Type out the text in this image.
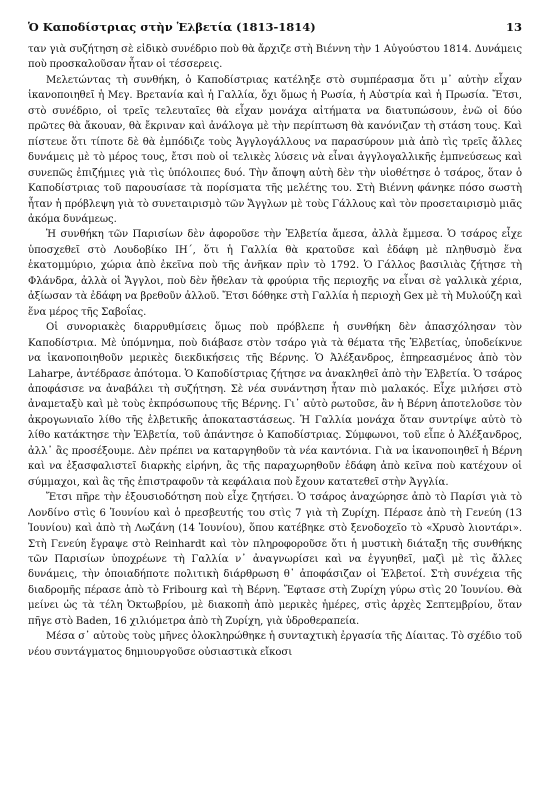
Ὁ Καποδίστριας στὴν Ἑλβετία (1813-1814)	13

ταν γιὰ συζήτηση σὲ εἰδικὸ συνέδριο ποὺ θὰ ἄρχιζε στὴ Βιέννη τὴν 1 Αὐγούστου 1814. Δυνάμεις ποὺ προσκαλοῦσαν ἦταν οἱ τέσσερεις.

Μελετώντας τὴ συνθήκη, ὁ Καποδίστριας κατέληξε στὸ συμπέρασμα ὅτι μ᾽ αὐτὴν εἶχαν ἱκανοποιηθεῖ ἡ Μεγ. Βρετανία καὶ ἡ Γαλλία, ὄχι ὅμως ἡ Ρωσία, ἡ Αὐστρία καὶ ἡ Πρωσία. Ἔτσι, στὸ συνέδριο, οἱ τρεῖς τελευταῖες θὰ εἶχαν μονάχα αἰτήματα να διατυπώσουν, ἐνῶ οἱ δύο πρῶτες θὰ ἄκουαν, θὰ ἔκριναν καὶ ἀνάλογα μὲ τὴν περίπτωση θὰ κανόνιζαν τὴ στάση τους. Καὶ πίστευε ὅτι τίποτε δὲ θὰ ἐμπόδιζε τοὺς Ἀγγλογάλλους να παρασύρουν μιὰ ἀπὸ τὶς τρεῖς ἄλλες δυνάμεις μὲ τὸ μέρος τους, ἔτσι ποὺ οἱ τελικὲς λύσεις νὰ εἶναι ἀγγλογαλλικῆς ἐμπνεύσεως καὶ συνεπῶς ἐπιζήμιες γιὰ τὶς ὑπόλοιπες δυό. Τὴν ἄποψη αὐτὴ δὲν τὴν υἱοθέτησε ὁ τσάρος, ὅταν ὁ Καποδίστριας τοῦ παρουσίασε τὰ πορίσματα τῆς μελέτης του. Στὴ Βιέννη φάνηκε πόσο σωστὴ ἦταν ἡ πρόβλεψη γιὰ τὸ συνεταιρισμὸ τῶν Ἄγγλων μὲ τοὺς Γάλλους καὶ τὸν προσεταιρισμὸ μιᾶς ἀκόμα δυνάμεως.

Ἡ συνθήκη τῶν Παρισίων δὲν ἀφοροῦσε τὴν Ἑλβετία ἄμεσα, ἀλλὰ ἔμμεσα. Ὁ τσάρος εἶχε ὑποσχεθεῖ στὸ Λουδοβίκο ΙΗ΄, ὅτι ἡ Γαλλία θὰ κρατοῦσε καὶ ἐδάφη μὲ πληθυσμὸ ἕνα ἑκατομμύριο, χώρια ἀπὸ ἐκεῖνα ποὺ τῆς ἀνῆκαν πρὶν τὸ 1792. Ὁ Γάλλος βασιλιὰς ζήτησε τὴ Φλάνδρα, ἀλλὰ οἱ Ἄγγλοι, ποὺ δὲν ἤθελαν τὰ φρούρια τῆς περιοχῆς να εἶναι σὲ γαλλικὰ χέρια, ἀξίωσαν τὰ ἐδάφη να βρεθοῦν ἀλλοῦ. Ἔτσι δόθηκε στὴ Γαλλία ἡ περιοχὴ Gex μὲ τὴ Μυλούζη καὶ ἕνα μέρος τῆς Σαβοΐας.

Οἱ συνοριακὲς διαρρυθμίσεις ὅμως ποὺ πρόβλεπε ἡ συνθήκη δὲν ἀπασχόλησαν τὸν Καποδίστρια. Μὲ ὑπόμνημα, ποὺ διάβασε στὸν τσάρο γιὰ τὰ θέματα τῆς Ἑλβετίας, ὑποδείκνυε να ἱκανοποιηθοῦν μερικὲς διεκδικήσεις τῆς Βέρνης. Ὁ Ἀλέξανδρος, ἐπηρεασμένος ἀπὸ τὸν Laharpe, ἀντέδρασε ἀπότομα. Ὁ Καποδίστριας ζήτησε να ἀνακληθεῖ ἀπὸ τὴν Ἑλβετία. Ὁ τσάρος ἀποφάσισε να ἀναβάλει τὴ συζήτηση. Σὲ νέα συνάντηση ἦταν πιὸ μαλακός. Εἶχε μιλήσει στὸ ἀναμεταξὺ καὶ μὲ τοὺς ἐκπρόσωπους τῆς Βέρνης. Γι᾽ αὐτὸ ρωτοῦσε, ἂν ἡ Βέρνη ἀποτελοῦσε τὸν ἀκρογωνιαῖο λίθο τῆς ἑλβετικῆς ἀποκαταστάσεως. Ἡ Γαλλία μονάχα ὅταν συντρίψε αὐτὸ τὸ λίθο κατάκτησε τὴν Ἑλβετία, τοῦ ἀπάντησε ὁ Καποδίστριας. Σύμφωνοι, τοῦ εἶπε ὁ Ἀλέξανδρος, ἀλλ᾽ ἂς προσέξουμε. Δὲν πρέπει να καταργηθοῦν τὰ νέα καντόνια. Γιὰ να ἱκανοποιηθεῖ ἡ Βέρνη καὶ να ἐξασφαλιστεῖ διαρκὴς εἰρήνη, ἂς τῆς παραχωρηθοῦν ἐδάφη ἀπὸ κεῖνα ποὺ κατέχουν οἱ σύμμαχοι, καὶ ἂς τῆς ἐπιστραφοῦν τὰ κεφάλαια ποὺ ἔχουν κατατεθεῖ στὴν Ἀγγλία.

Ἔτσι πῆρε τὴν ἐξουσιοδότηση ποὺ εἶχε ζητήσει. Ὁ τσάρος ἀναχώρησε ἀπὸ τὸ Παρίσι γιὰ τὸ Λονδίνο στὶς 6 Ἰουνίου καὶ ὁ πρεσβευτής του στὶς 7 γιὰ τὴ Ζυρίχη. Πέρασε ἀπὸ τὴ Γενεύη (13 Ἰουνίου) καὶ ἀπὸ τὴ Λωζάνη (14 Ἰουνίου), ὅπου κατέβηκε στὸ ξενοδοχεῖο τὸ «Χρυσὸ λιοντάρι». Στὴ Γενεύη ἔγραψε στὸ Reinhardt καὶ τὸν πληροφοροῦσε ὅτι ἡ μυστικὴ διάταξη τῆς συνθήκης τῶν Παρισίων ὑποχρέωνε τὴ Γαλλία ν᾽ ἀναγνωρίσει καὶ να ἐγγυηθεῖ, μαζὶ μὲ τὶς ἄλλες δυνάμεις, τὴν ὁποιαδήποτε πολιτικὴ διάρθρωση θ᾽ ἀποφάσιζαν οἱ Ἑλβετοί. Στὴ συνέχεια τῆς διαδρομῆς πέρασε ἀπὸ τὸ Fribourg καὶ τὴ Βέρνη. Ἔφτασε στὴ Ζυρίχη γύρω στὶς 20 Ἰουνίου. Θὰ μείνει ὡς τὰ τέλη Ὀκτωβρίου, μὲ διακοπὴ ἀπὸ μερικὲς ἡμέρες, στὶς ἀρχὲς Σεπτεμβρίου, ὅταν πῆγε στὸ Baden, 16 χιλιόμετρα ἀπὸ τὴ Ζυρίχη, γιὰ ὑδροθεραπεία.

Μέσα σ᾽ αὐτοὺς τοὺς μῆνες ὁλοκληρώθηκε ἡ συνταχτικὴ ἐργασία τῆς Δίαιτας. Τὸ σχέδιο τοῦ νέου συντάγματος δημιουργοῦσε οὐσιαστικὰ εἴκοσι
